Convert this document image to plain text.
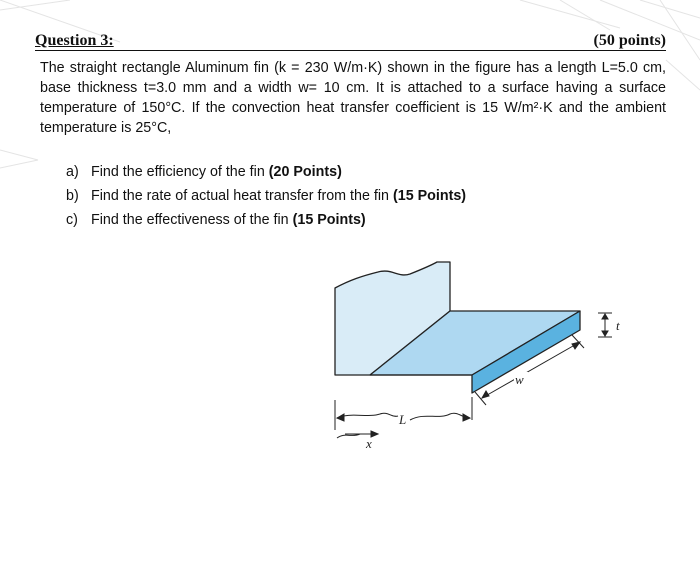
Question 3:	(50 points)

The straight rectangle Aluminum fin (k = 230 W/m·K) shown in the figure has a length L=5.0 cm, base thickness t=3.0 mm and a width w= 10 cm. It is attached to a surface having a surface temperature of 150°C. If the convection heat transfer coefficient is 15 W/m²·K and the ambient temperature is 25°C,

a) Find the efficiency of the fin (20 Points)
b) Find the rate of actual heat transfer from the fin (15 Points)
c) Find the effectiveness of the fin (15 Points)
t
w
L
x
